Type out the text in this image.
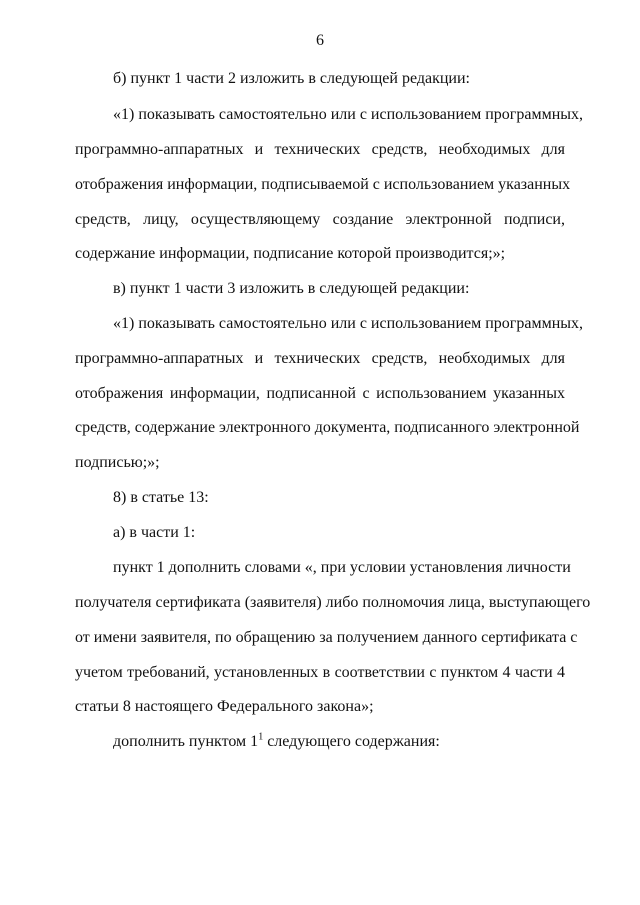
6
б) пункт 1 части 2 изложить в следующей редакции:
«1) показывать самостоятельно или с использованием программных,
программно-аппаратных и технических средств, необходимых для
отображения информации, подписываемой с использованием указанных
средств, лицу, осуществляющему создание электронной подписи,
содержание информации, подписание которой производится;»;
в) пункт 1 части 3 изложить в следующей редакции:
«1) показывать самостоятельно или с использованием программных,
программно-аппаратных и технических средств, необходимых для
отображения информации, подписанной с использованием указанных
средств, содержание электронного документа, подписанного электронной
подписью;»;
8) в статье 13:
а) в части 1:
пункт 1 дополнить словами «, при условии установления личности
получателя сертификата (заявителя) либо полномочия лица, выступающего
от имени заявителя, по обращению за получением данного сертификата с
учетом требований, установленных в соответствии с пунктом 4 части 4
статьи 8 настоящего Федерального закона»;
дополнить пунктом $1^1$ следующего содержания:
